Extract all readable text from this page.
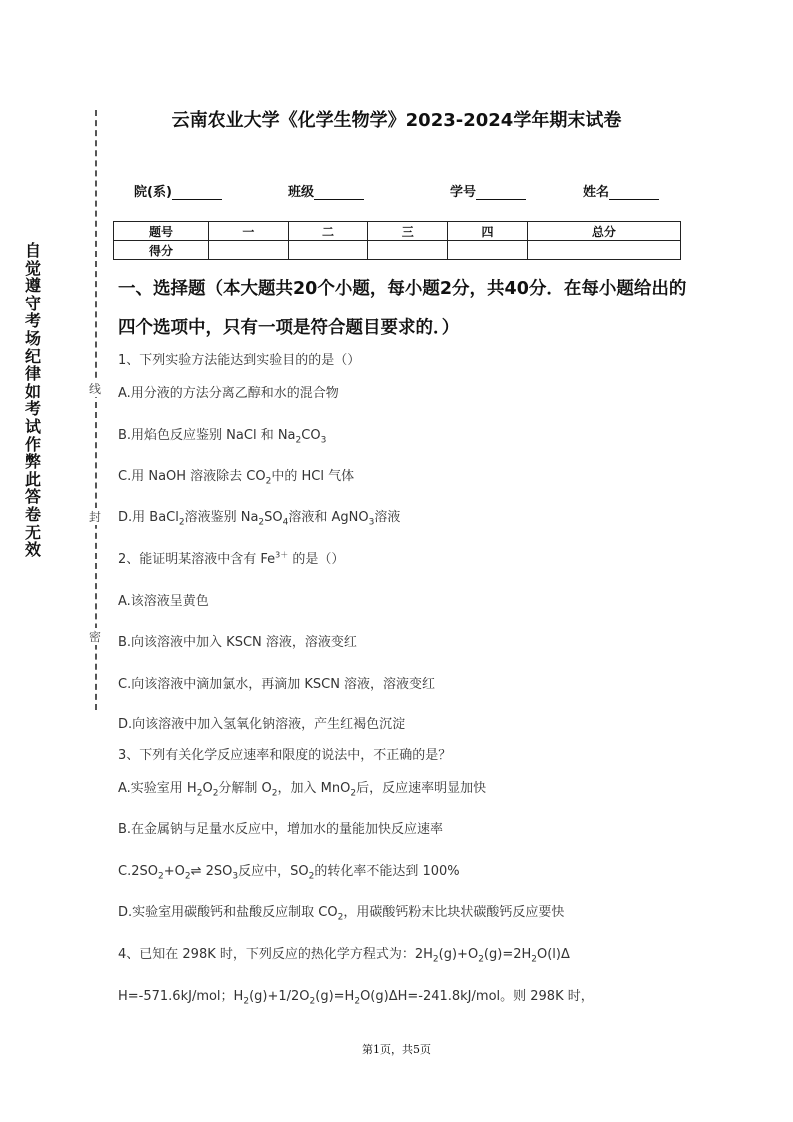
自觉遵守考场纪律如考试作弊此答卷无效
线
封
密
云南农业大学《化学生物学》2023-2024学年期末试卷
院(系)	班级	学号	姓名
题号	一	二	三	四	总分
得分					
一、选择题（本大题共20个小题，每小题2分，共40分．在每小题给出的四个选项中，只有一项是符合题目要求的．）
1、下列实验方法能达到实验目的的是（）
A.用分液的方法分离乙醇和水的混合物
B.用焰色反应鉴别 NaCl 和 $Na_2CO_3$
C.用 NaOH 溶液除去 $CO_2$中的 HCl 气体
D.用 BaCl$_2$溶液鉴别 $Na_2SO_4$溶液和 AgNO$_3$溶液
2、能证明某溶液中含有 $Fe^{3+}$ 的是（）
A.该溶液呈黄色
B.向该溶液中加入 KSCN 溶液，溶液变红
C.向该溶液中滴加氯水，再滴加 KSCN 溶液，溶液变红
D.向该溶液中加入氢氧化钠溶液，产生红褐色沉淀
3、下列有关化学反应速率和限度的说法中，不正确的是？
A.实验室用 $H_2O_2$分解制 $O_2$，加入 MnO$_2$后，反应速率明显加快
B.在金属钠与足量水反应中，增加水的量能加快反应速率
$C.2SO_2+O_2\rightleftharpoons$ $2SO_3$反应中，$SO_2$的转化率不能达到 100%
D.实验室用碳酸钙和盐酸反应制取 $CO_2$，用碳酸钙粉末比块状碳酸钙反应要快
4、已知在 298K 时，下列反应的热化学方程式为：$2H_2(g)+O_2(g)=2H_2O(l)\Delta$
H=-571.6kJ/mol；$H_2(g)+1/2O_2(g)=H_2O(g)\Delta H=-241.8kJ$/mol。则 298K 时，
第1页，共5页
